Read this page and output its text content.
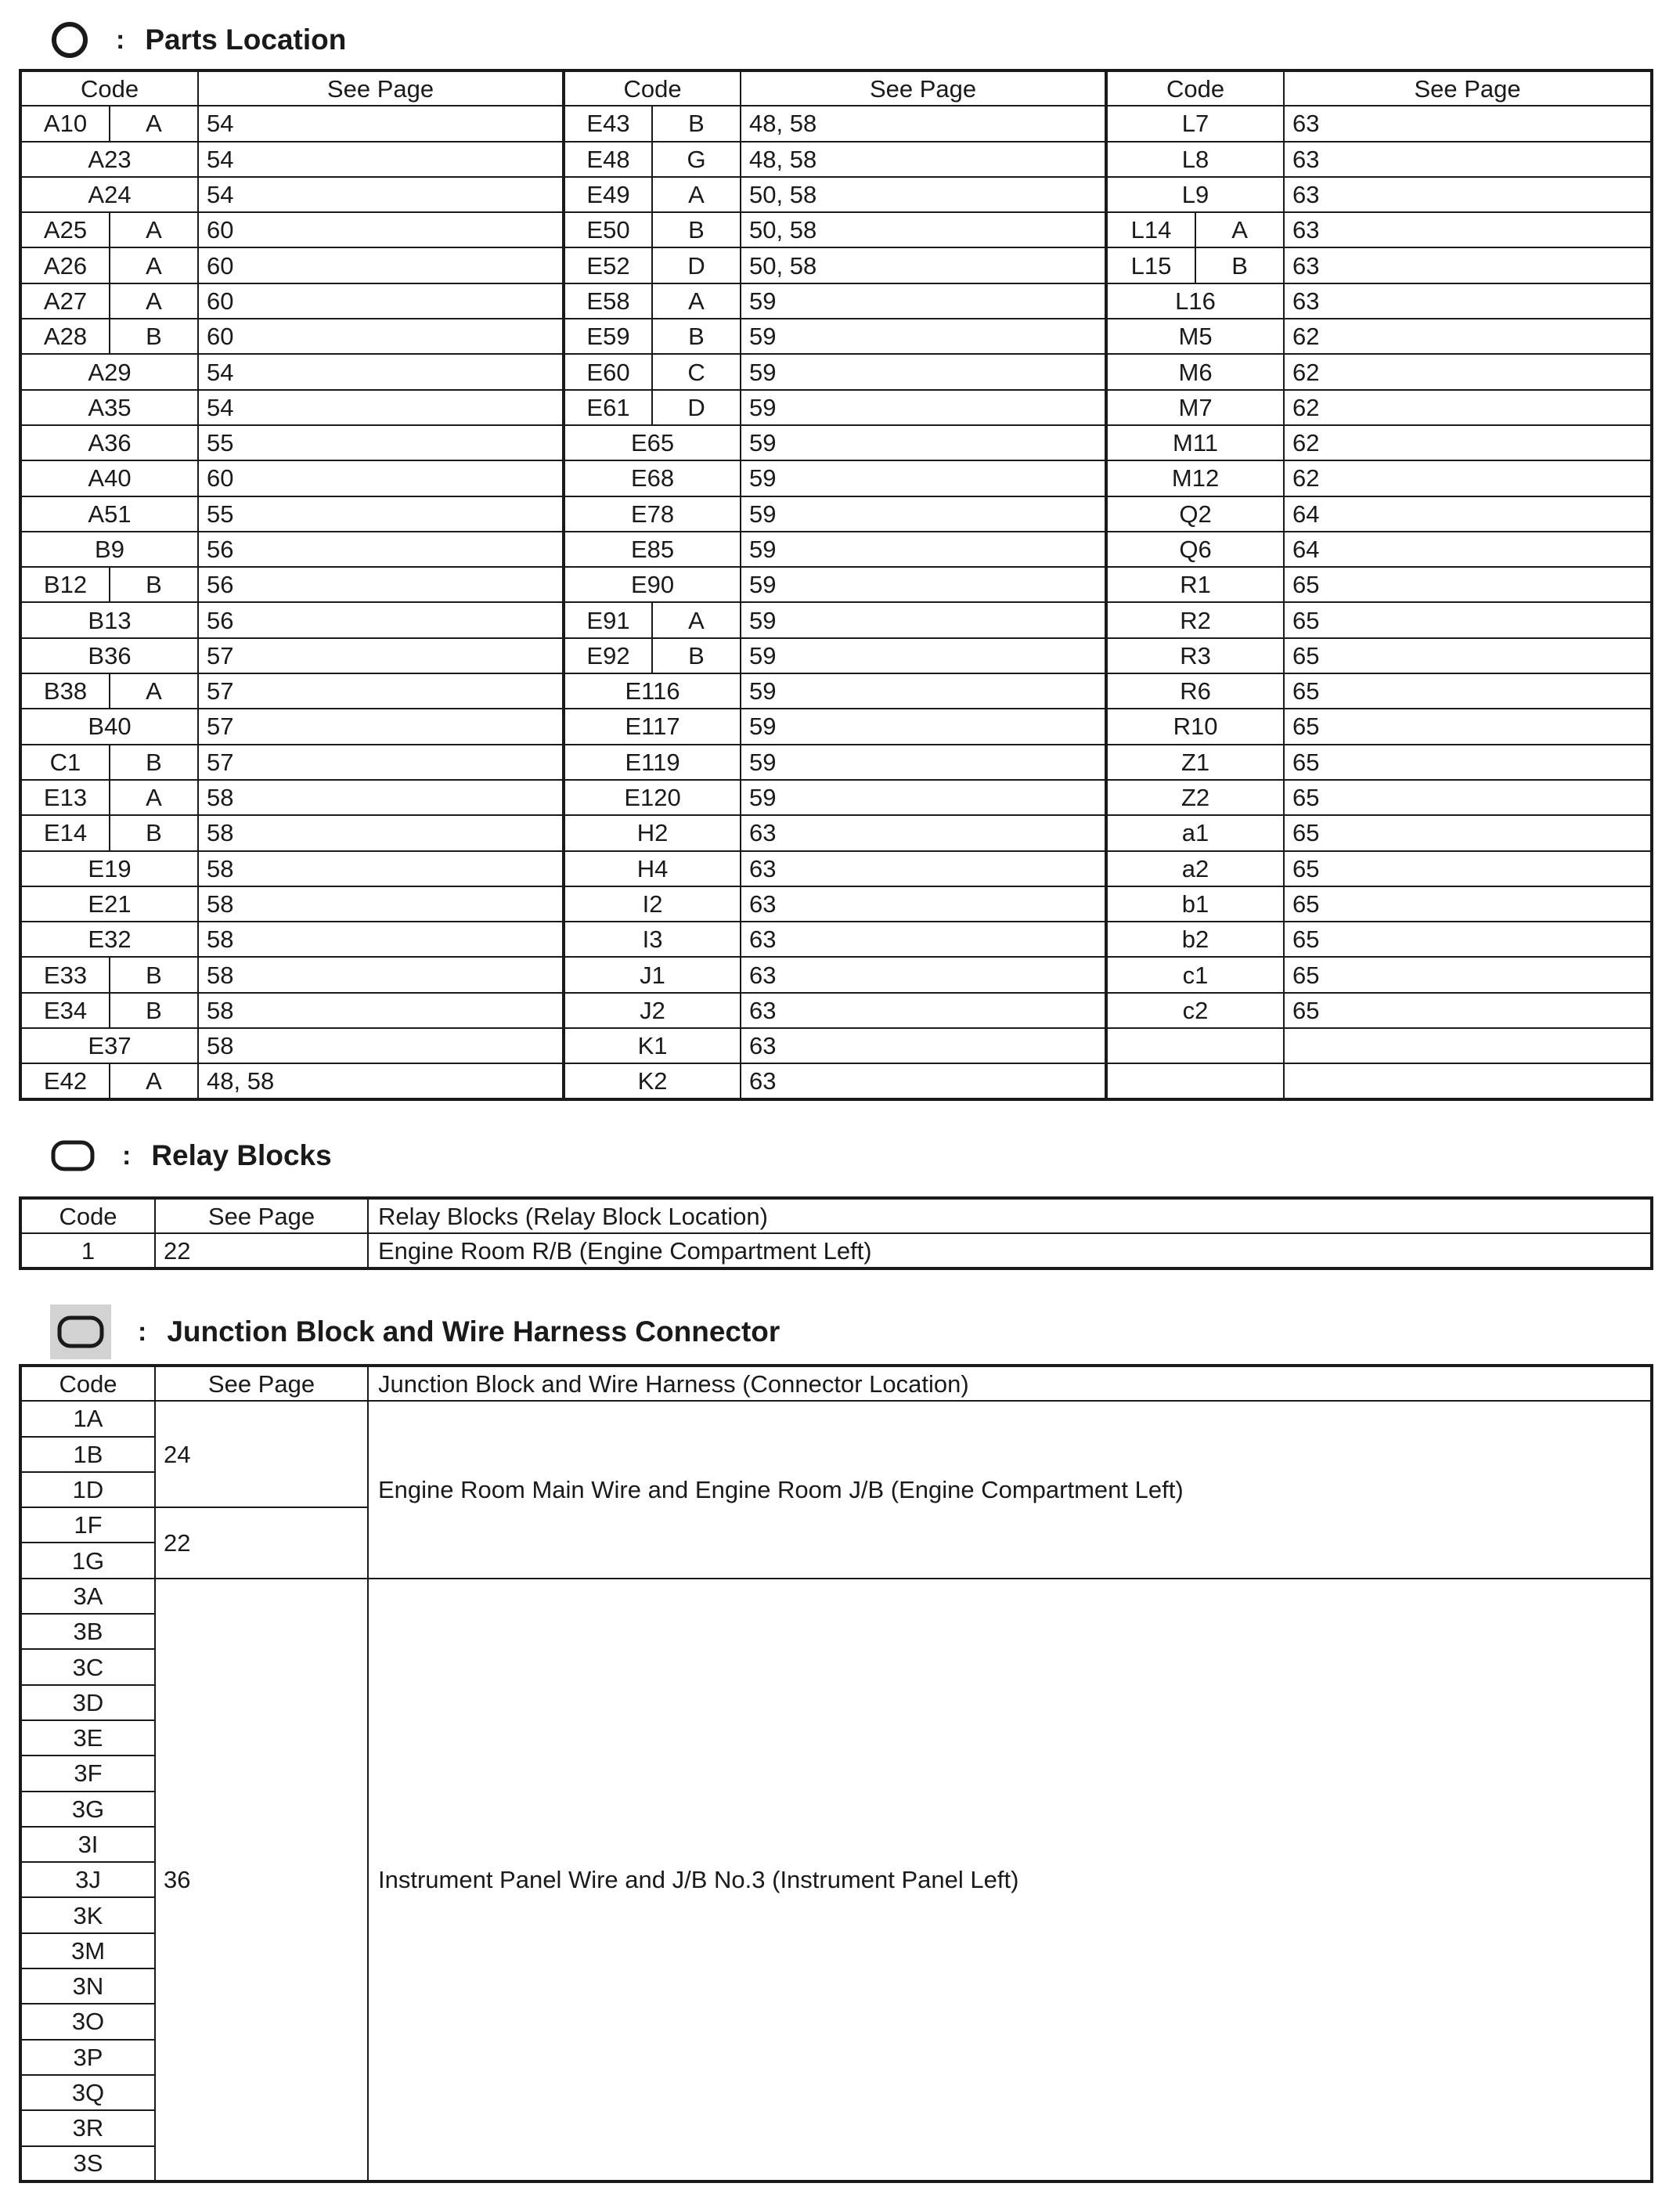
: Parts Location
Code		See Page	Code		See Page	Code		See Page
A10	A	54	E43	B	48, 58	L7		63
A23		54	E48	G	48, 58	L8		63
A24		54	E49	A	50, 58	L9		63
A25	A	60	E50	B	50, 58	L14	A	63
A26	A	60	E52	D	50, 58	L15	B	63
A27	A	60	E58	A	59	L16		63
A28	B	60	E59	B	59	M5		62
A29		54	E60	C	59	M6		62
A35		54	E61	D	59	M7		62
A36		55	E65		59	M11		62
A40		60	E68		59	M12		62
A51		55	E78		59	Q2		64
B9		56	E85		59	Q6		64
B12	B	56	E90		59	R1		65
B13		56	E91	A	59	R2		65
B36		57	E92	B	59	R3		65
B38	A	57	E116		59	R6		65
B40		57	E117		59	R10		65
C1	B	57	E119		59	Z1		65
E13	A	58	E120		59	Z2		65
E14	B	58	H2		63	a1		65
E19		58	H4		63	a2		65
E21		58	I2		63	b1		65
E32		58	I3		63	b2		65
E33	B	58	J1		63	c1		65
E34	B	58	J2		63	c2		65
E37		58	K1		63			
E42	A	48, 58	K2		63			
: Relay Blocks
Code	See Page	Relay Blocks (Relay Block Location)
1	22	Engine Room R/B (Engine Compartment Left)
: Junction Block and Wire Harness Connector
Code	See Page	Junction Block and Wire Harness (Connector Location)
1A	24	Engine Room Main Wire and Engine Room J/B (Engine Compartment Left)
1B		
1D		
1F	22	
1G		
3A	36	Instrument Panel Wire and J/B No.3 (Instrument Panel Left)
3B		
3C		
3D		
3E		
3F		
3G		
3I		
3J		
3K		
3M		
3N		
3O		
3P		
3Q		
3R		
3S		
